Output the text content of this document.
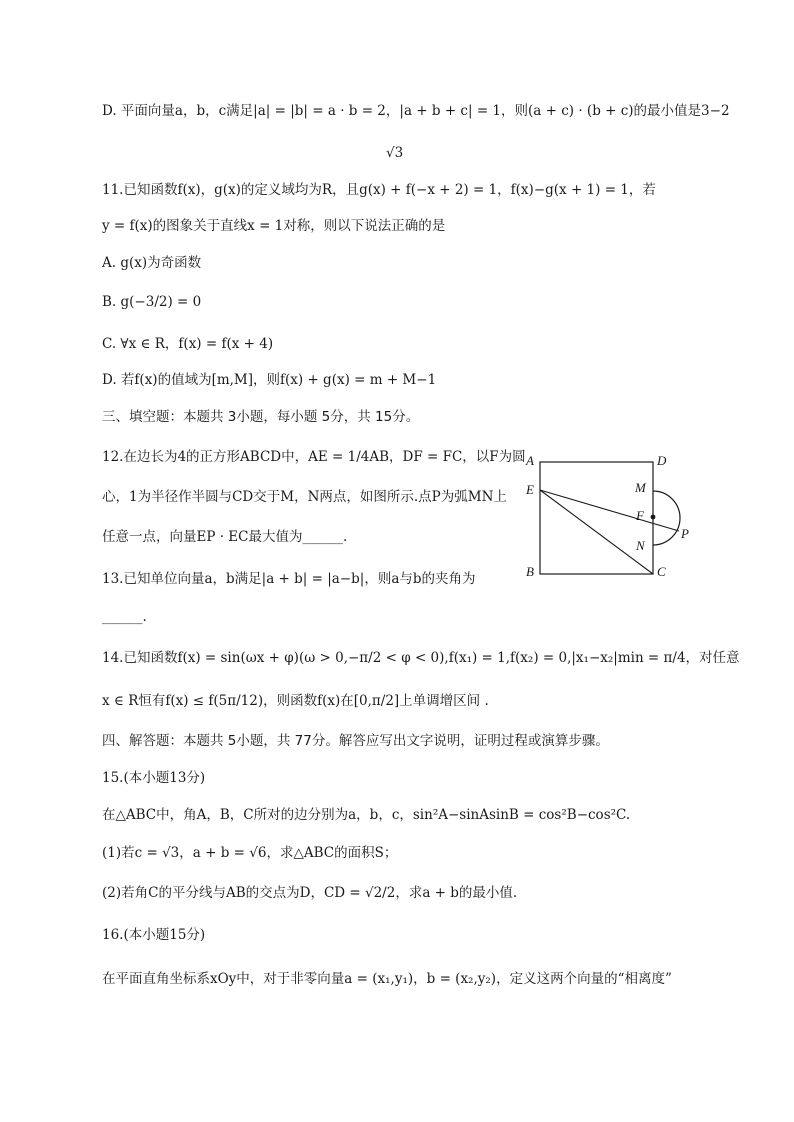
D. 平面向量a，b，c满足|a| = |b| = a · b = 2，|a + b + c| = 1，则(a + c) · (b + c)的最小值是3−2
√3
11.已知函数f(x)，g(x)的定义域均为R，且g(x) + f(−x + 2) = 1，f(x)−g(x + 1) = 1，若
y = f(x)的图象关于直线x = 1对称，则以下说法正确的是
A. g(x)为奇函数
B. g(−3/2) = 0
C. ∀x ∈ R，f(x) = f(x + 4)
D. 若f(x)的值域为[m,M]，则f(x) + g(x) = m + M−1
三、填空题：本题共 3小题，每小题 5分，共 15分。
12.在边长为4的正方形ABCD中，AE = 1/4AB，DF = FC，以F为圆
心，1为半径作半圆与CD交于M，N两点，如图所示.点P为弧MN上
任意一点，向量EP · EC最大值为______.
13.已知单位向量a，b满足|a + b| = |a−b|，则a与b的夹角为
______.
14.已知函数f(x) = sin(ωx + φ)(ω > 0,−π/2 < φ < 0),f(x₁) = 1,f(x₂) = 0,|x₁−x₂|min = π/4，对任意
x ∈ R恒有f(x) ≤ f(5π/12)，则函数f(x)在[0,π/2]上单调增区间 .
四、解答题：本题共 5小题，共 77分。解答应写出文字说明，证明过程或演算步骤。
15.(本小题13分)
在△ABC中，角A，B，C所对的边分别为a，b，c，sin²A−sinAsinB = cos²B−cos²C.
(1)若c = √3，a + b = √6，求△ABC的面积S；
(2)若角C的平分线与AB的交点为D，CD = √2/2，求a + b的最小值.
16.(本小题15分)
在平面直角坐标系xOy中，对于非零向量a = (x₁,y₁)，b = (x₂,y₂)，定义这两个向量的“相离度”
A	D
E	M
F
P
N
B	C
